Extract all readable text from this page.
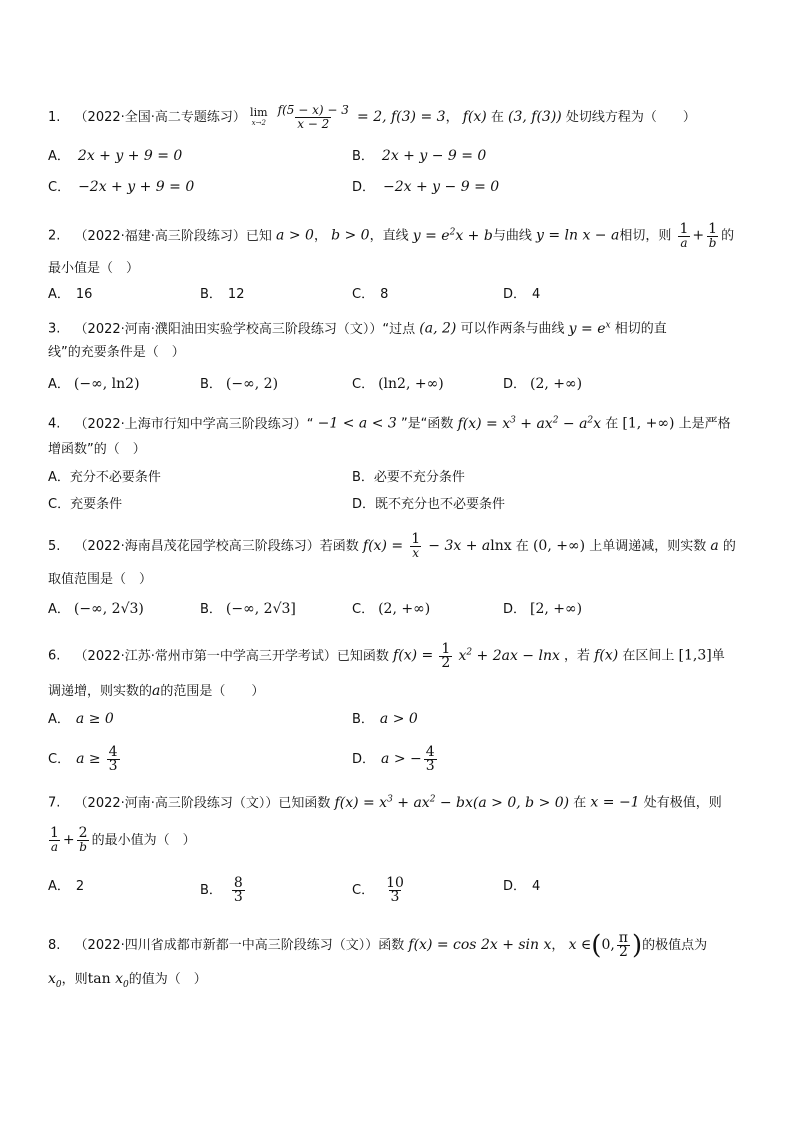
1. （2022·全国·高二专题练习） lim
x→2
$\frac{f(5 - x) - 3}{x - 2} = 2$, f(3) = 3， f(x) 在 (3, f(3)) 处切线方程为（　　）
A． 2x + y + 9 = 0	B． 2x + y − 9 = 0
C． −2x + y + 9 = 0	D． −2x + y − 9 = 0
2. （2022·福建·高三阶段练习）已知 a > 0， b > 0，直线 $y = e^2x + b$与曲线 y = ln x − a相切，则 $\frac{1}{a} + \frac{1}{b}$ 的
最小值是（　）
A． 16	B． 12	C． 8	D． 4
3. （2022·河南·濮阳油田实验学校高三阶段练习（文））“过点 (a, 2) 可以作两条与曲线 $y = e^x$ 相切的直
线”的充要条件是（　）
A． (−∞, ln2)	B． (−∞, 2)	C． (ln2, +∞)	D． (2, +∞)
4. （2022·上海市行知中学高三阶段练习）“ −1 < a < 3 ”是“函数 $f(x) = x^3 + ax^2 - a^2x$ 在 [1, +∞) 上是严格
增函数”的（　）
A．充分不必要条件	B．必要不充分条件
C．充要条件	D．既不充分也不必要条件
5. （2022·海南昌茂花园学校高三阶段练习）若函数 $f(x) = \frac{1}{x} - 3x + alnx$ 在 (0, +∞) 上单调递减，则实数 a 的
取值范围是（　）
A． (−∞, 2√3)	B． (−∞, 2√3]	C． (2, +∞)	D． [2, +∞)
6. （2022·江苏·常州市第一中学高三开学考试）已知函数 $f(x) = \frac{1}{2} x^2 + 2ax - \ln x$ ，若 f(x) 在区间上 [1,3]单
调递增，则实数的a的范围是（　　）
A． a ≥ 0	B． a > 0
C． $a \ge \frac{4}{3}$	D． a > − $\frac{4}{3}$
7. （2022·河南·高三阶段练习（文））已知函数 $f(x) = x^3 + ax^2 - bx(a > 0$, b > 0) 在 x = −1 处有极值，则
$\frac{1}{a} + \frac{2}{b}$ 的最小值为（　）
A． 2	B． $\frac{8}{3}$	C． $\frac{10}{3}$	D． 4
8. （2022·四川省成都市新都一中高三阶段练习（文））函数 f(x) = cos 2x + sin x， x ∈(0, $\frac{\pi}{2}$ )的极值点为
$x_0$，则$\tan x_0$的值为（　）
